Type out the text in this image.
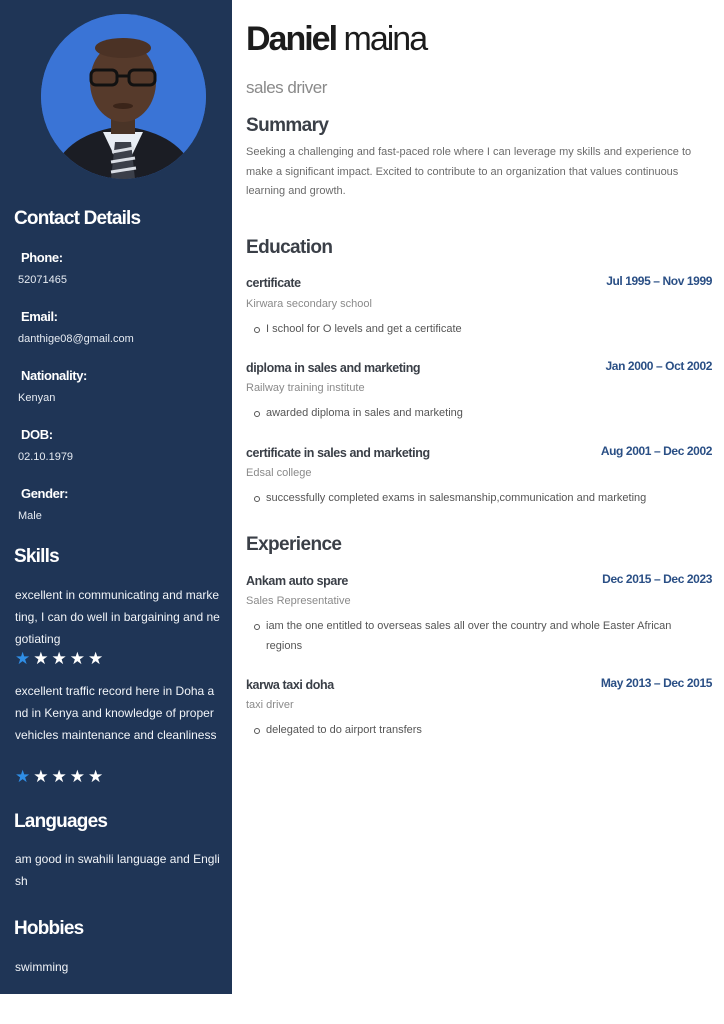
Contact Details
Phone:
52071465
Email:
danthige08@gmail.com
Nationality:
Kenyan
DOB:
02.10.1979
Gender:
Male
Skills
excellent in communicating and marketing, I can do well in bargaining and negotiating
★★★★★
excellent traffic record here in Doha and in Kenya and knowledge of proper vehicles maintenance and cleanliness
★★★★★
Languages
am good in swahili language and English
Hobbies
swimming
Daniel maina
sales driver
Summary
Seeking a challenging and fast-paced role where I can leverage my skills and experience to make a significant impact. Excited to contribute to an organization that values continuous learning and growth.
Education
certificate	Jul 1995 – Nov 1999
Kirwara secondary school
I school for O levels and get a certificate
diploma in sales and marketing	Jan 2000 – Oct 2002
Railway training institute
awarded diploma in sales and marketing
certificate in sales and marketing	Aug 2001 – Dec 2002
Edsal college
successfully completed exams in salesmanship,communication and marketing
Experience
Ankam auto spare	Dec 2015 – Dec 2023
Sales Representative
iam the one entitled to overseas sales all over the country and whole Easter African regions
karwa taxi doha	May 2013 – Dec 2015
taxi driver
delegated to do airport transfers
